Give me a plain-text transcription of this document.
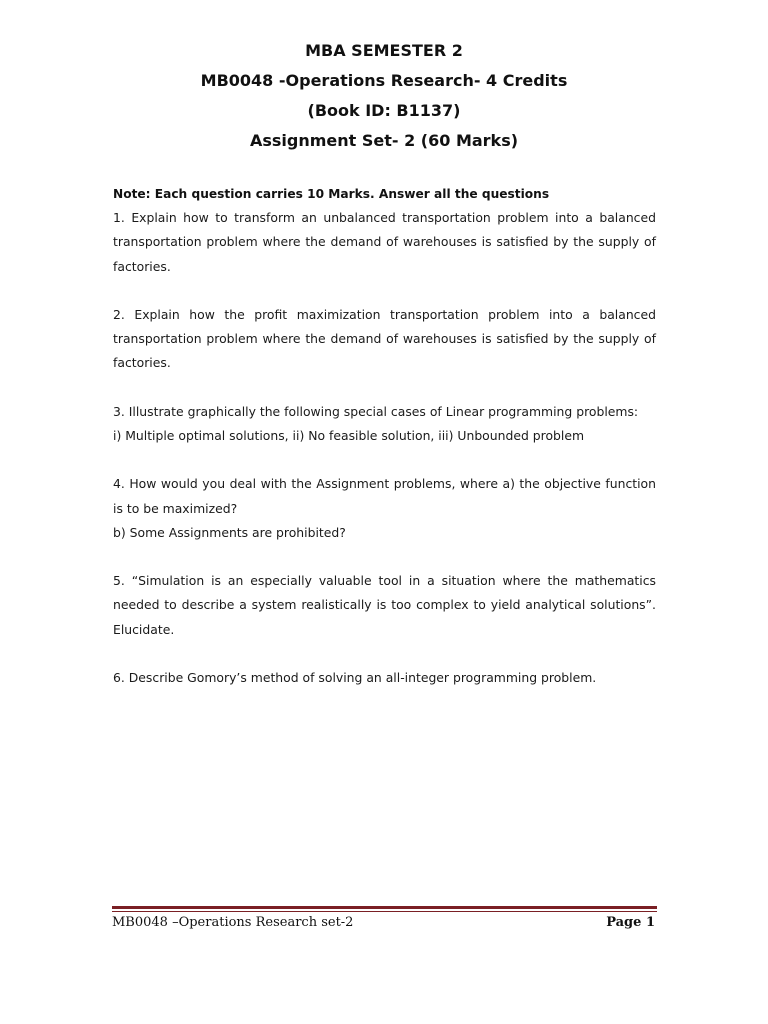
MBA SEMESTER 2
MB0048 -Operations Research- 4 Credits
(Book ID: B1137)
Assignment Set- 2 (60 Marks)
Note: Each question carries 10 Marks. Answer all the questions
1. Explain how to transform an unbalanced transportation problem into a balanced transportation problem where the demand of warehouses is satisfied by the supply of factories.
2. Explain how the profit maximization transportation problem into a balanced transportation problem where the demand of warehouses is satisfied by the supply of factories.
3. Illustrate graphically the following special cases of Linear programming problems:
i) Multiple optimal solutions, ii) No feasible solution, iii) Unbounded problem
4. How would you deal with the Assignment problems, where a) the objective function is to be maximized?
b) Some Assignments are prohibited?
5. “Simulation is an especially valuable tool in a situation where the mathematics needed to describe a system realistically is too complex to yield analytical solutions”. Elucidate.
6. Describe Gomory’s method of solving an all-integer programming problem.
MB0048 –Operations Research set-2	Page 1
